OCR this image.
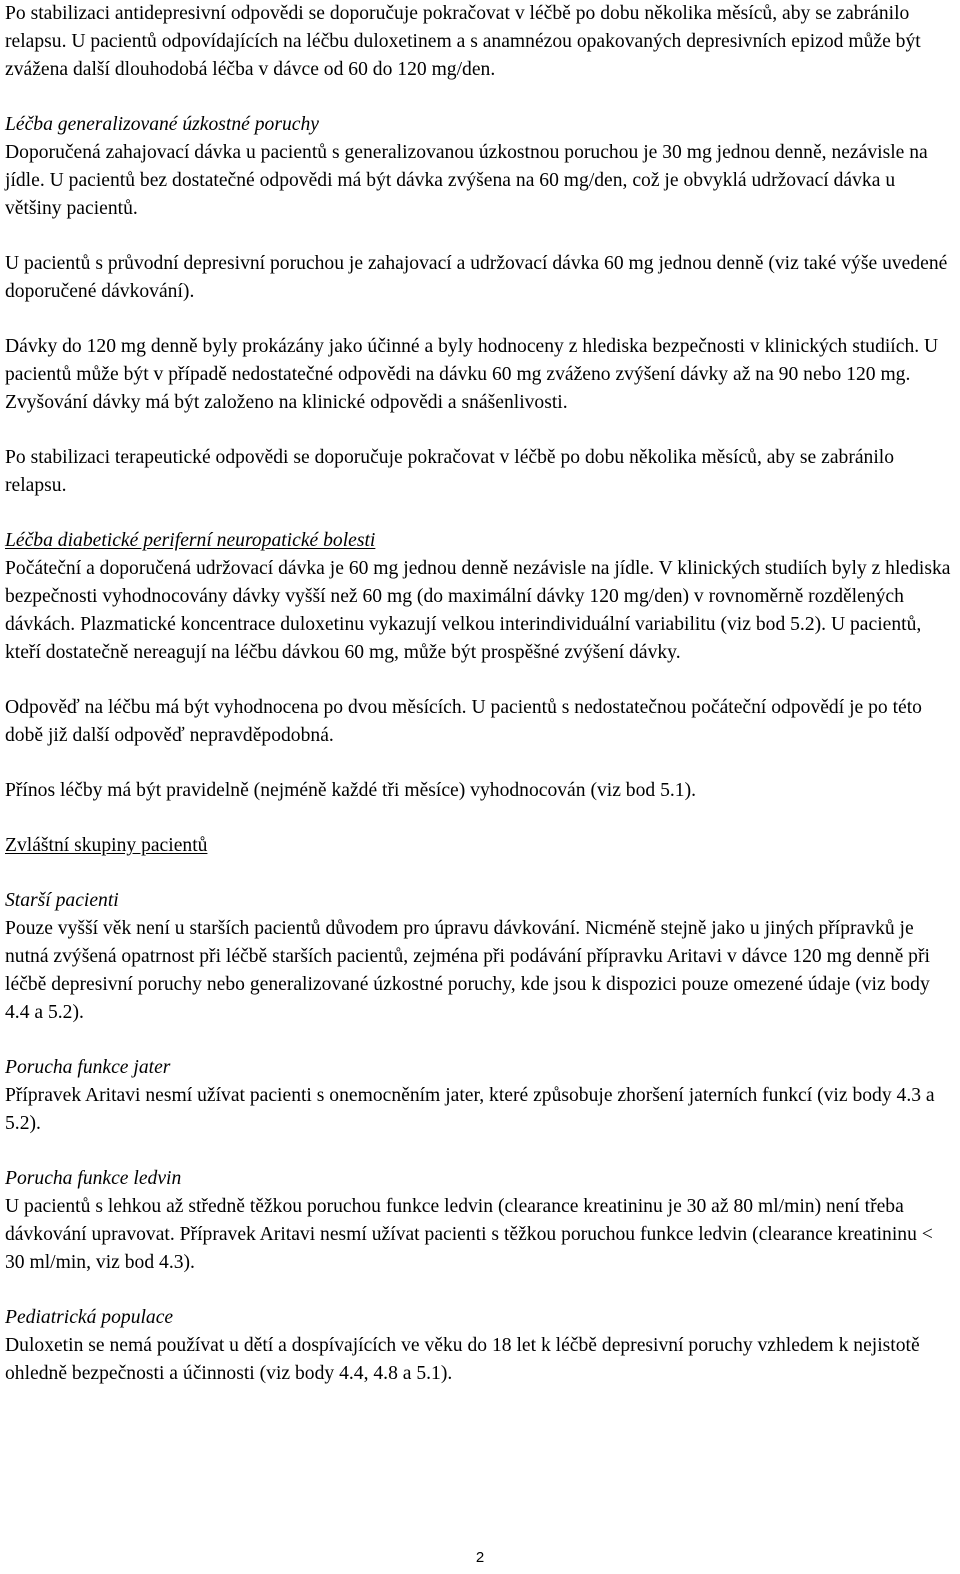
Po stabilizaci antidepresivní odpovědi se doporučuje pokračovat v léčbě po dobu několika měsíců, aby se zabránilo relapsu. U pacientů odpovídajících na léčbu duloxetinem a s anamnézou opakovaných depresivních epizod může být zvážena další dlouhodobá léčba v dávce od 60 do 120 mg/den.

Léčba generalizované úzkostné poruchy

Doporučená zahajovací dávka u pacientů s generalizovanou úzkostnou poruchou je 30 mg jednou denně, nezávisle na jídle. U pacientů bez dostatečné odpovědi má být dávka zvýšena na 60 mg/den, což je obvyklá udržovací dávka u většiny pacientů.

U pacientů s průvodní depresivní poruchou je zahajovací a udržovací dávka 60 mg jednou denně (viz také výše uvedené doporučené dávkování).

Dávky do 120 mg denně byly prokázány jako účinné a byly hodnoceny z hlediska bezpečnosti v klinických studiích. U pacientů může být v případě nedostatečné odpovědi na dávku 60 mg zváženo zvýšení dávky až na 90 nebo 120 mg. Zvyšování dávky má být založeno na klinické odpovědi a snášenlivosti.

Po stabilizaci terapeutické odpovědi se doporučuje pokračovat v léčbě po dobu několika měsíců, aby se zabránilo relapsu.

Léčba diabetické periferní neuropatické bolesti

Počáteční a doporučená udržovací dávka je 60 mg jednou denně nezávisle na jídle. V klinických studiích byly z hlediska bezpečnosti vyhodnocovány dávky vyšší než 60 mg (do maximální dávky 120 mg/den) v rovnoměrně rozdělených dávkách. Plazmatické koncentrace duloxetinu vykazují velkou interindividuální variabilitu (viz bod 5.2). U pacientů, kteří dostatečně nereagují na léčbu dávkou 60 mg, může být prospěšné zvýšení dávky.

Odpověď na léčbu má být vyhodnocena po dvou měsících. U pacientů s nedostatečnou počáteční odpovědí je po této době již další odpověď nepravděpodobná.

Přínos léčby má být pravidelně (nejméně každé tři měsíce) vyhodnocován (viz bod 5.1).

Zvláštní skupiny pacientů

Starší pacienti

Pouze vyšší věk není u starších pacientů důvodem pro úpravu dávkování. Nicméně stejně jako u jiných přípravků je nutná zvýšená opatrnost při léčbě starších pacientů, zejména při podávání přípravku Aritavi v dávce 120 mg denně při léčbě depresivní poruchy nebo generalizované úzkostné poruchy, kde jsou k dispozici pouze omezené údaje (viz body 4.4 a 5.2).

Porucha funkce jater

Přípravek Aritavi nesmí užívat pacienti s onemocněním jater, které způsobuje zhoršení jaterních funkcí (viz body 4.3 a 5.2).

Porucha funkce ledvin

U pacientů s lehkou až středně těžkou poruchou funkce ledvin (clearance kreatininu je 30 až 80 ml/min) není třeba dávkování upravovat. Přípravek Aritavi nesmí užívat pacienti s těžkou poruchou funkce ledvin (clearance kreatininu < 30 ml/min, viz bod 4.3).

Pediatrická populace

Duloxetin se nemá používat u dětí a dospívajících ve věku do 18 let k léčbě depresivní poruchy vzhledem k nejistotě ohledně bezpečnosti a účinnosti (viz body 4.4, 4.8 a 5.1).

2
